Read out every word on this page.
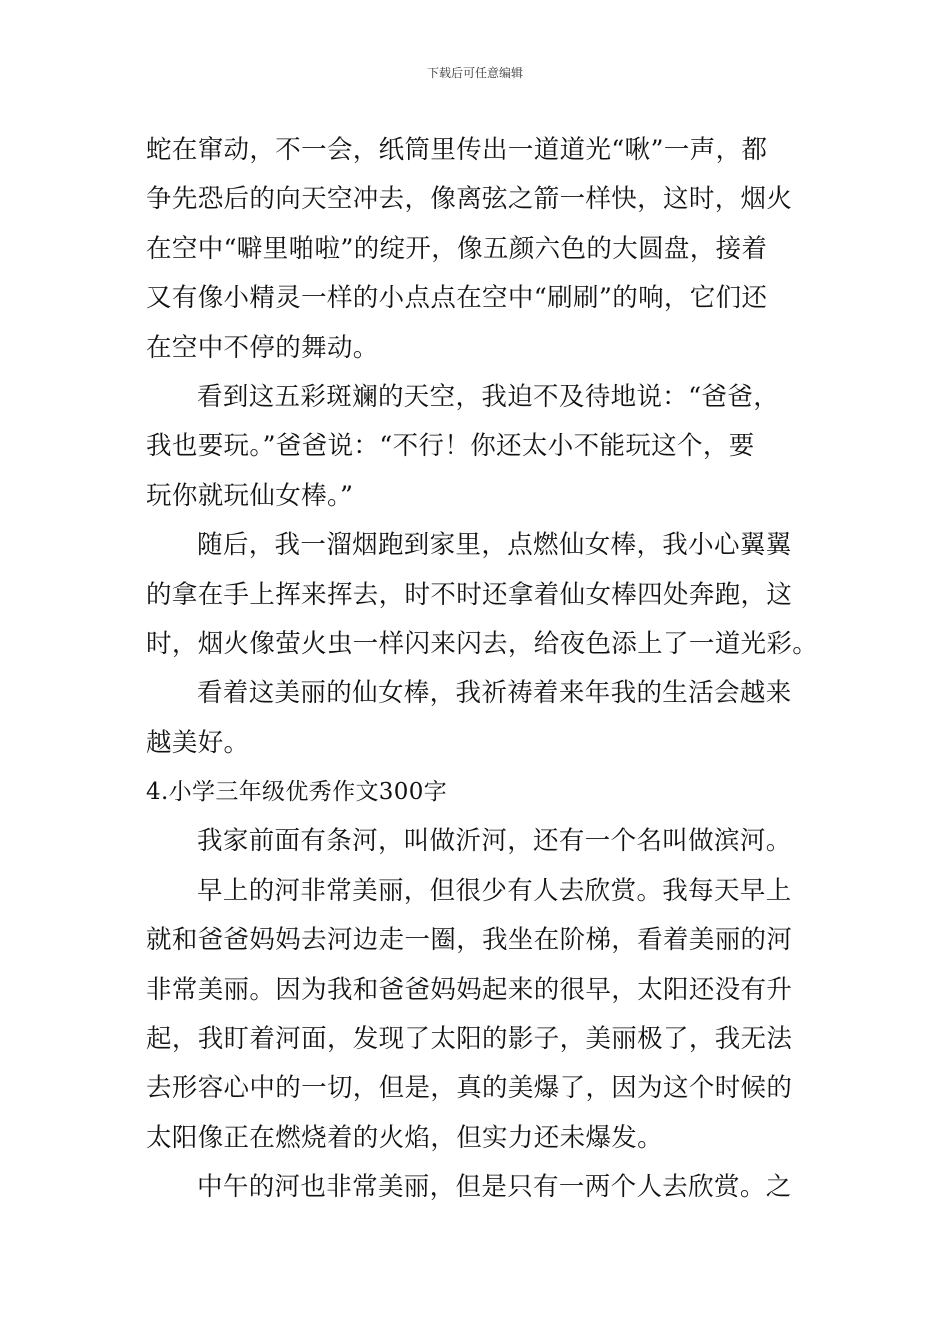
下载后可任意编辑
蛇在窜动，不一会，纸筒里传出一道道光“啾”一声，都
争先恐后的向天空冲去，像离弦之箭一样快，这时，烟火
在空中“噼里啪啦”的绽开，像五颜六色的大圆盘，接着
又有像小精灵一样的小点点在空中“刷刷”的响，它们还
在空中不停的舞动。
看到这五彩斑斓的天空，我迫不及待地说：“爸爸，
我也要玩。”爸爸说：“不行！你还太小不能玩这个，要
玩你就玩仙女棒。”
随后，我一溜烟跑到家里，点燃仙女棒，我小心翼翼
的拿在手上挥来挥去，时不时还拿着仙女棒四处奔跑，这
时，烟火像萤火虫一样闪来闪去，给夜色添上了一道光彩。
看着这美丽的仙女棒，我祈祷着来年我的生活会越来
越美好。
4.小学三年级优秀作文300字
我家前面有条河，叫做沂河，还有一个名叫做滨河。
早上的河非常美丽，但很少有人去欣赏。我每天早上
就和爸爸妈妈去河边走一圈，我坐在阶梯，看着美丽的河
非常美丽。因为我和爸爸妈妈起来的很早，太阳还没有升
起，我盯着河面，发现了太阳的影子，美丽极了，我无法
去形容心中的一切，但是，真的美爆了，因为这个时候的
太阳像正在燃烧着的火焰，但实力还未爆发。
中午的河也非常美丽，但是只有一两个人去欣赏。之
